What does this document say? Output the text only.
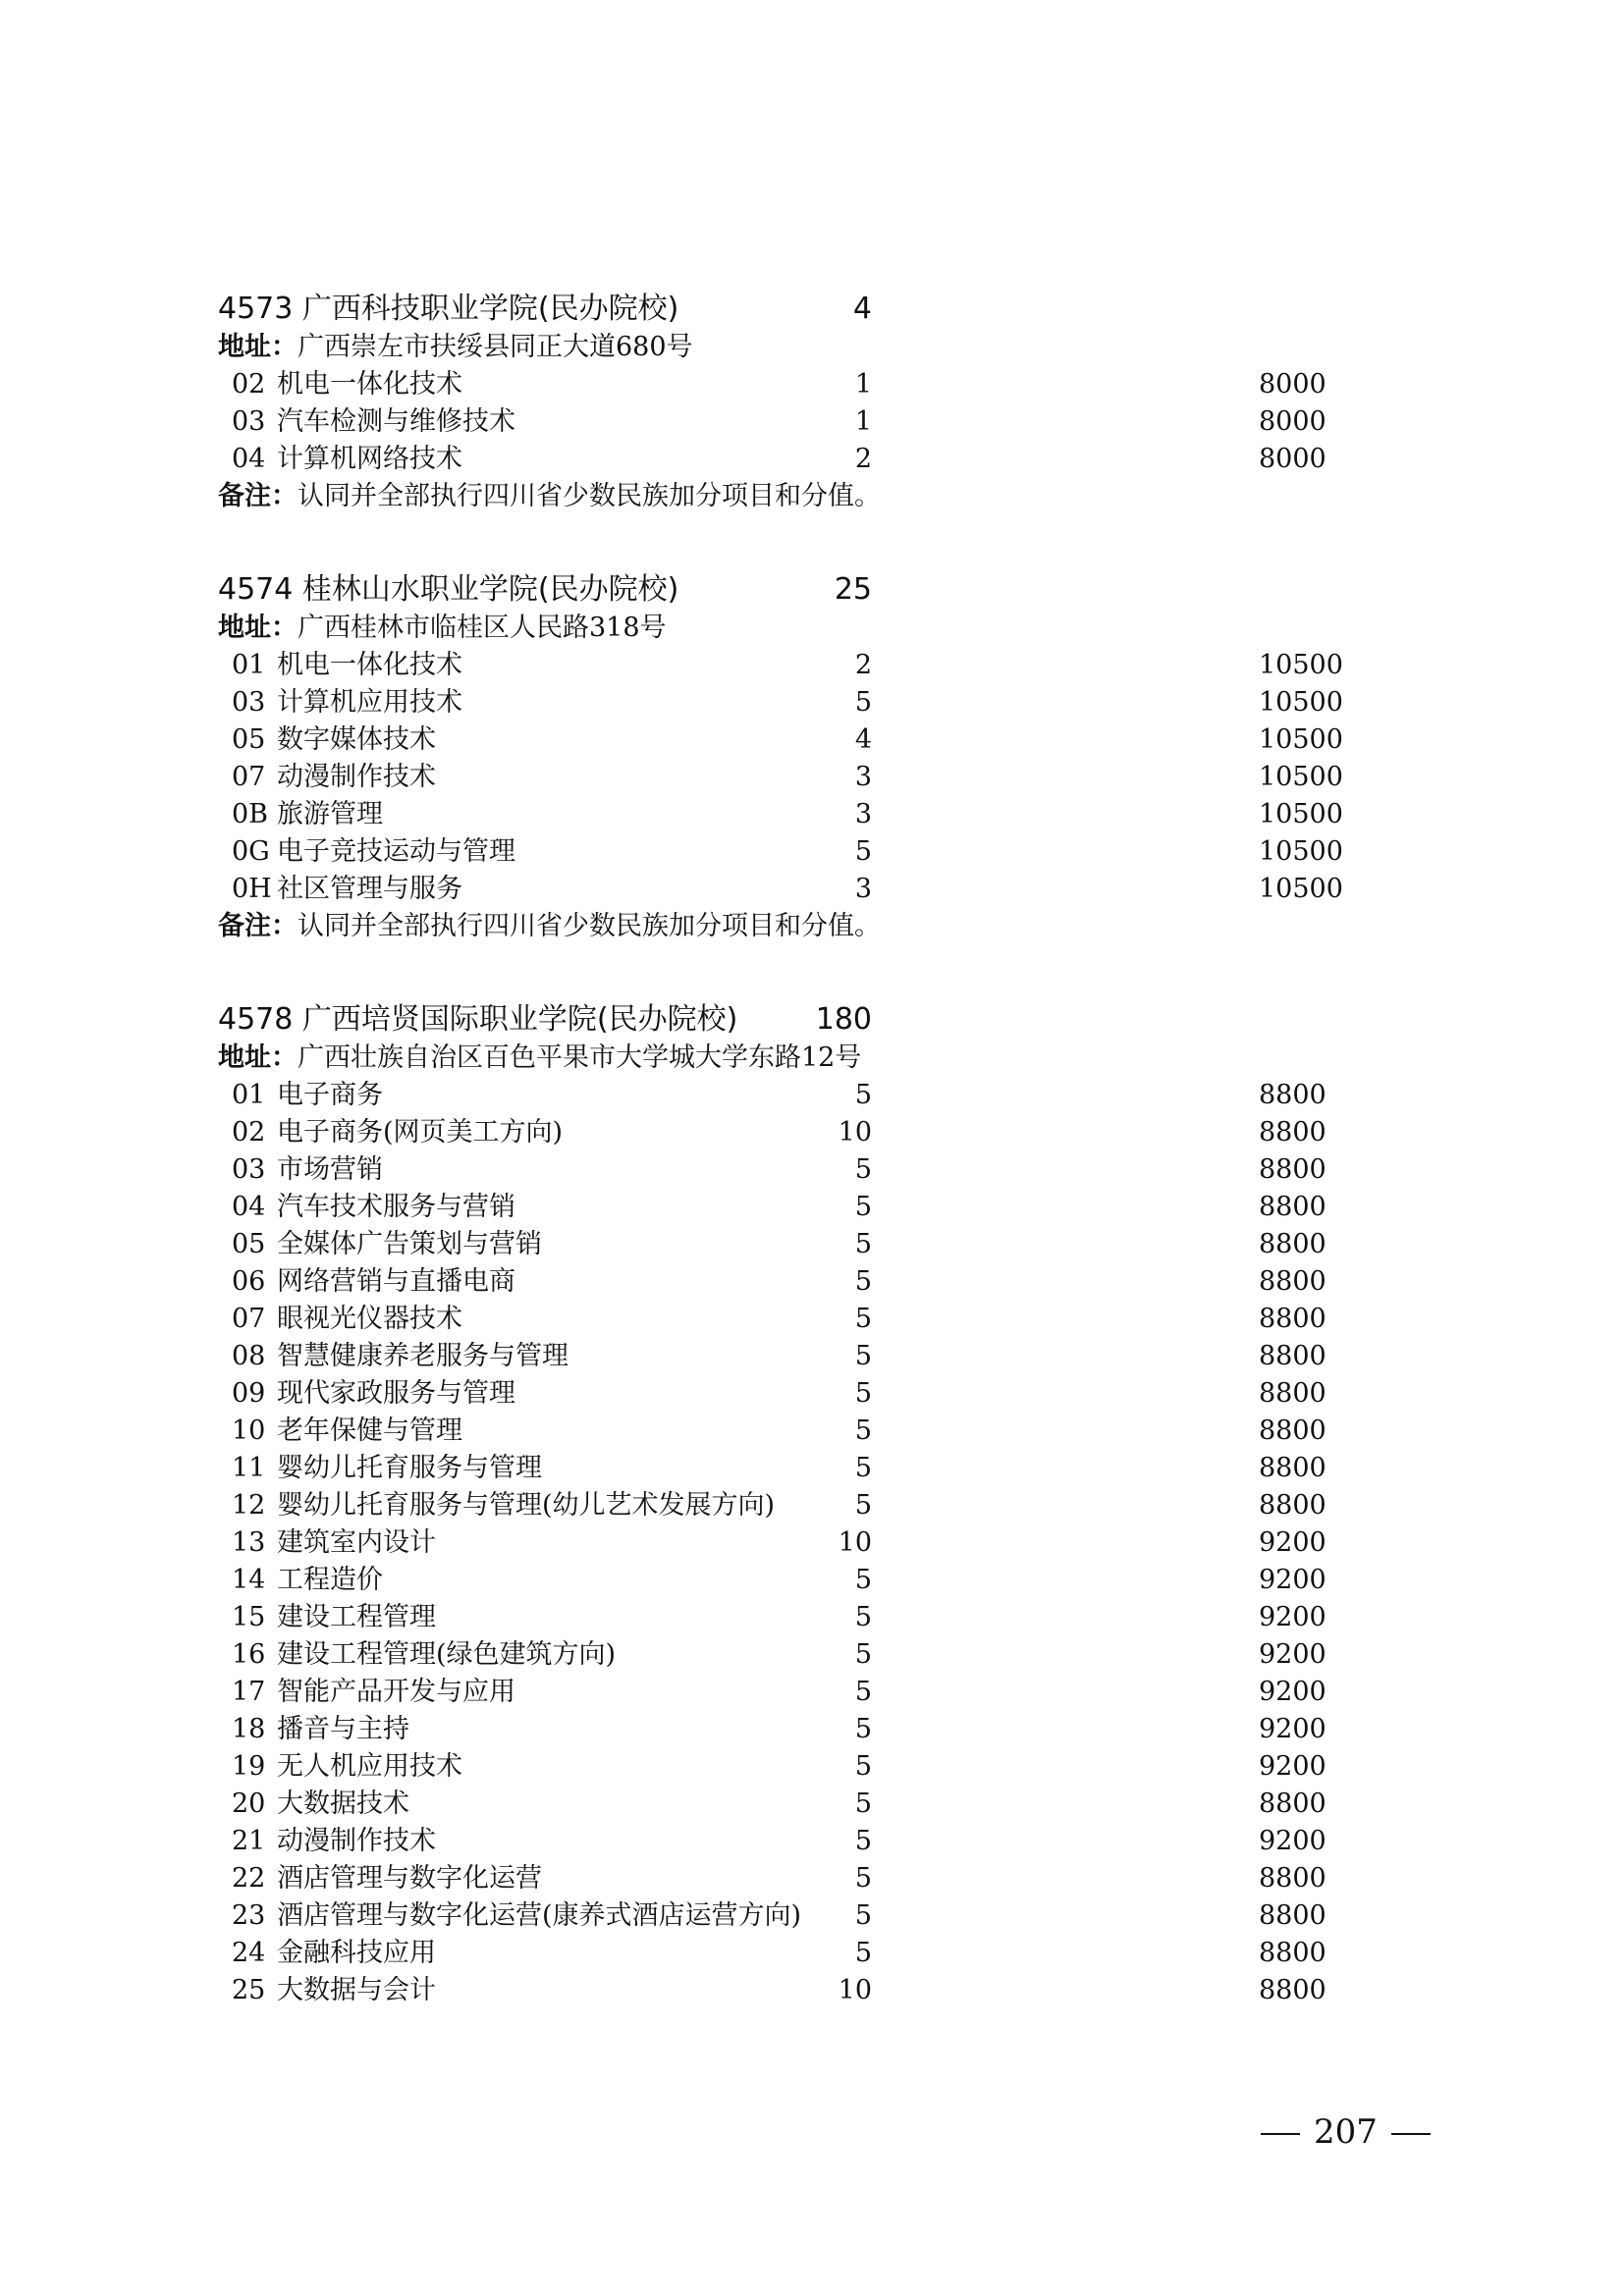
4573 广西科技职业学院(民办院校)	4
地址：广西崇左市扶绥县同正大道680号
02 机电一体化技术	1	8000
03 汽车检测与维修技术	1	8000
04 计算机网络技术	2	8000
备注：认同并全部执行四川省少数民族加分项目和分值。
4574 桂林山水职业学院(民办院校)	25
地址：广西桂林市临桂区人民路318号
01 机电一体化技术	2	10500
03 计算机应用技术	5	10500
05 数字媒体技术	4	10500
07 动漫制作技术	3	10500
0B 旅游管理	3	10500
0G 电子竞技运动与管理	5	10500
0H 社区管理与服务	3	10500
备注：认同并全部执行四川省少数民族加分项目和分值。
4578 广西培贤国际职业学院(民办院校)	180
地址：广西壮族自治区百色平果市大学城大学东路12号
01 电子商务	5	8800
02 电子商务(网页美工方向)	10	8800
03 市场营销	5	8800
04 汽车技术服务与营销	5	8800
05 全媒体广告策划与营销	5	8800
06 网络营销与直播电商	5	8800
07 眼视光仪器技术	5	8800
08 智慧健康养老服务与管理	5	8800
09 现代家政服务与管理	5	8800
10 老年保健与管理	5	8800
11 婴幼儿托育服务与管理	5	8800
12 婴幼儿托育服务与管理(幼儿艺术发展方向)	5	8800
13 建筑室内设计	10	9200
14 工程造价	5	9200
15 建设工程管理	5	9200
16 建设工程管理(绿色建筑方向)	5	9200
17 智能产品开发与应用	5	9200
18 播音与主持	5	9200
19 无人机应用技术	5	9200
20 大数据技术	5	8800
21 动漫制作技术	5	9200
22 酒店管理与数字化运营	5	8800
23 酒店管理与数字化运营(康养式酒店运营方向) 5	8800
24 金融科技应用	5	8800
25 大数据与会计	10	8800
207
